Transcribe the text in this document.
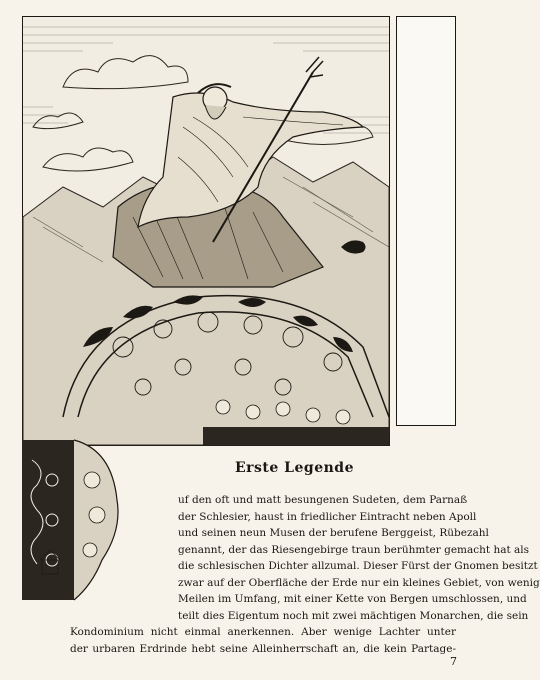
Erste Legende
uf den oft und matt besungenen Sudeten, dem Parnaß
der Schlesier, haust in friedlicher Eintracht neben Apoll
und seinen neun Musen der berufene Berggeist, Rübezahl
genannt, der das Riesengebirge traun berühmter gemacht hat als
die schlesischen Dichter allzumal. Dieser Fürst der Gnomen besitzt
zwar auf der Oberfläche der Erde nur ein kleines Gebiet, von wenig
Meilen im Umfang, mit einer Kette von Bergen umschlossen, und
teilt dies Eigentum noch mit zwei mächtigen Monarchen, die sein
Kondominium nicht einmal anerkennen. Aber wenige Lachter unter
der urbaren Erdrinde hebt seine Alleinherrschaft an, die kein Partage-
7
